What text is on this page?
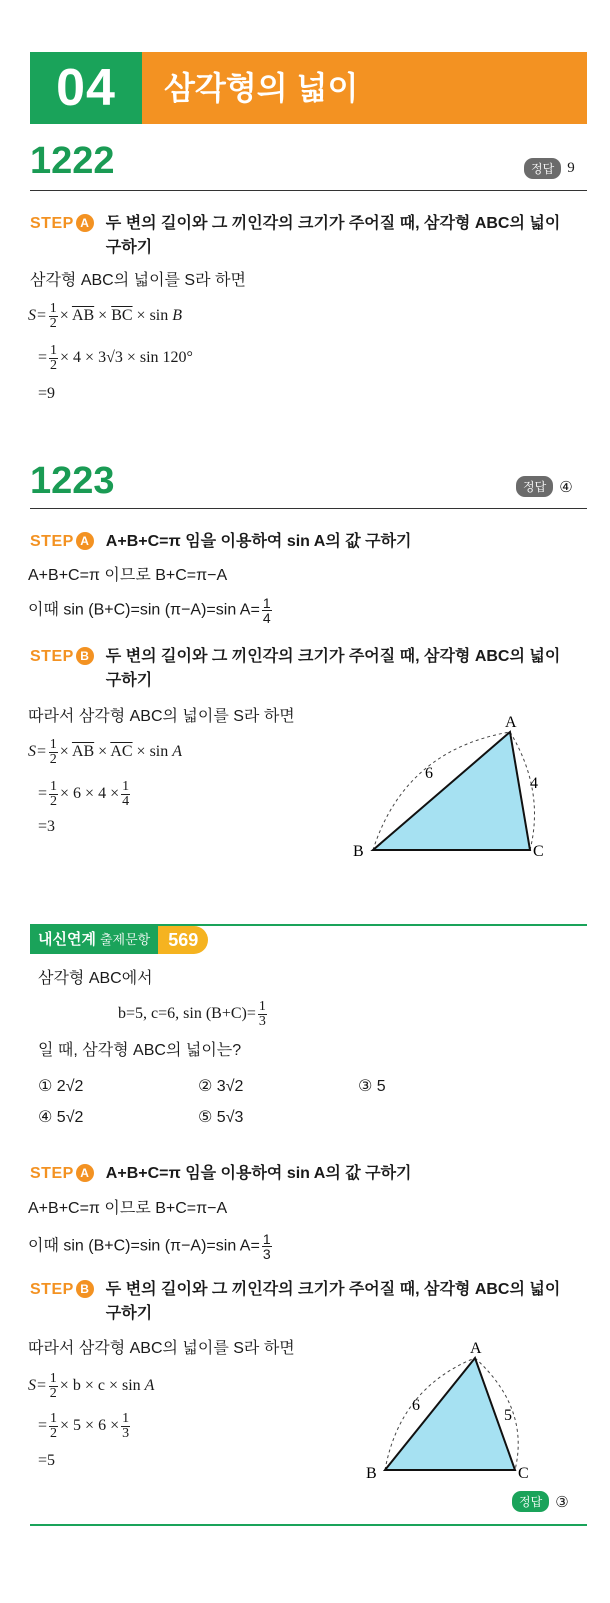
04	삼각형의 넓이
1222	정답 9
STEP A 두 변의 길이와 그 끼인각의 크기가 주어질 때, 삼각형 ABC의 넓이
구하기
삼각형 ABC의 넓이를 S라 하면
$S= \frac{1}{2} \times \overline{AB} \times \overline{BC} \times \sin B$
= $\frac{1}{2} \times 4 \times 3√3 \times \sin 120^\circ$
=9
1223	정답 ④
STEP A A+B+C=π 임을 이용하여 sin A의 값 구하기
A+B+C=π 이므로 B+C=π−A
이때 sin (B+C)=sin (π−A)=sin $A= \frac{1}{4}$
STEP B 두 변의 길이와 그 끼인각의 크기가 주어질 때, 삼각형 ABC의 넓이
구하기
따라서 삼각형 ABC의 넓이를 S라 하면
$S= \frac{1}{2} \times \overline{AB} \times \overline{AC} \times \sin A$
= $\frac{1}{2} \times 6 \times 4 \times \frac{1}{4}$
=3
A
B	C
6
4
내신연계 출제문항	569
삼각형 ABC에서
b=5, c=6, $\sin (B+C)= \frac{1}{3}$
일 때, 삼각형 ABC의 넓이는?
① 2√2	② 3√2	③ 5
④ 5√2	⑤ 5√3
STEP A A+B+C=π 임을 이용하여 sin A의 값 구하기
A+B+C=π 이므로 B+C=π−A
이때 sin (B+C)=sin (π−A)=sin $A= \frac{1}{3}$
STEP B 두 변의 길이와 그 끼인각의 크기가 주어질 때, 삼각형 ABC의 넓이
구하기
따라서 삼각형 ABC의 넓이를 S라 하면
$S= \frac{1}{2} \times b \times c \times \sin A$
= $\frac{1}{2} \times 5 \times 6 \times \frac{1}{3}$
=5
A
B	C
6
5
정답 ③
